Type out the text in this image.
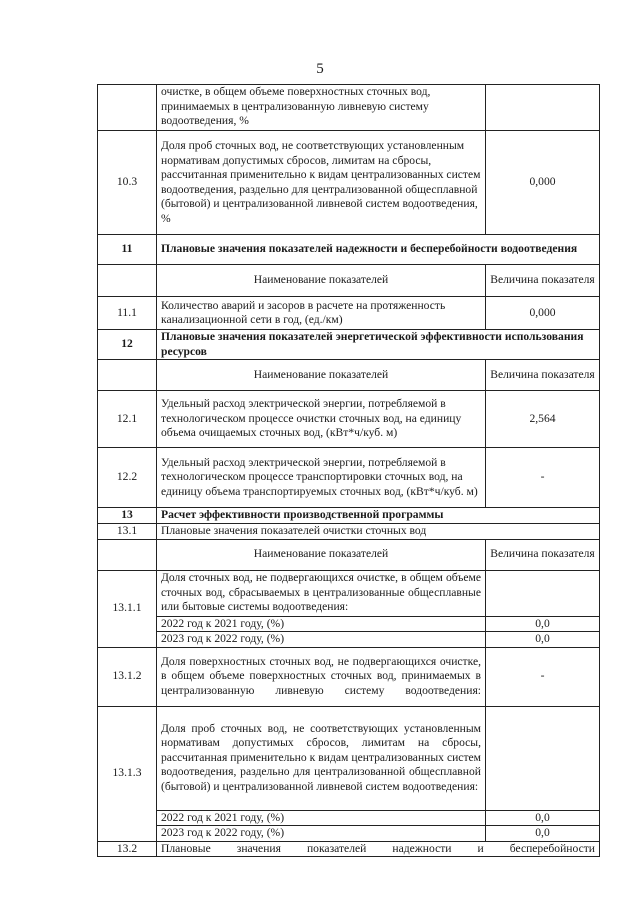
5
	очистке, в общем объеме поверхностных сточных вод, принимаемых в централизованную ливневую систему водоотведения, %	
10.3	Доля проб сточных вод, не соответствующих установленным нормативам допустимых сбросов, лимитам на сбросы, рассчитанная применительно к видам централизованных систем водоотведения, раздельно для централизованной общесплавной (бытовой) и централизованной ливневой систем водоотведения, %	0,000
11	Плановые значения показателей надежности и бесперебойности водоотведения	
	Наименование показателей	Величина показателя
11.1	Количество аварий и засоров в расчете на протяженность канализационной сети в год, (ед./км)	0,000
12	Плановые значения показателей энергетической эффективности использования ресурсов	
	Наименование показателей	Величина показателя
12.1	Удельный расход электрической энергии, потребляемой в технологическом процессе очистки сточных вод, на единицу объема очищаемых сточных вод, (кВт*ч/куб. м)	2,564
12.2	Удельный расход электрической энергии, потребляемой в технологическом процессе транспортировки сточных вод, на единицу объема транспортируемых сточных вод, (кВт*ч/куб. м)	-
13	Расчет эффективности производственной программы	
13.1	Плановые значения показателей очистки сточных вод	
	Наименование показателей	Величина показателя
13.1.1	Доля сточных вод, не подвергающихся очистке, в общем объеме сточных вод, сбрасываемых в централизованные общесплавные или бытовые системы водоотведения:	
	2022 год к 2021 году, (%)	0,0
	2023 год к 2022 году, (%)	0,0
13.1.2	Доля поверхностных сточных вод, не подвергающихся очистке, в общем объеме поверхностных сточных вод, принимаемых в централизованную ливневую систему водоотведения:	-
13.1.3	Доля проб сточных вод, не соответствующих установленным нормативам допустимых сбросов, лимитам на сбросы, рассчитанная применительно к видам централизованных систем водоотведения, раздельно для централизованной общесплавной (бытовой) и централизованной ливневой систем водоотведения:	
	2022 год к 2021 году, (%)	0,0
	2023 год к 2022 году, (%)	0,0
13.2	Плановые значения показателей надежности и бесперебойности	
